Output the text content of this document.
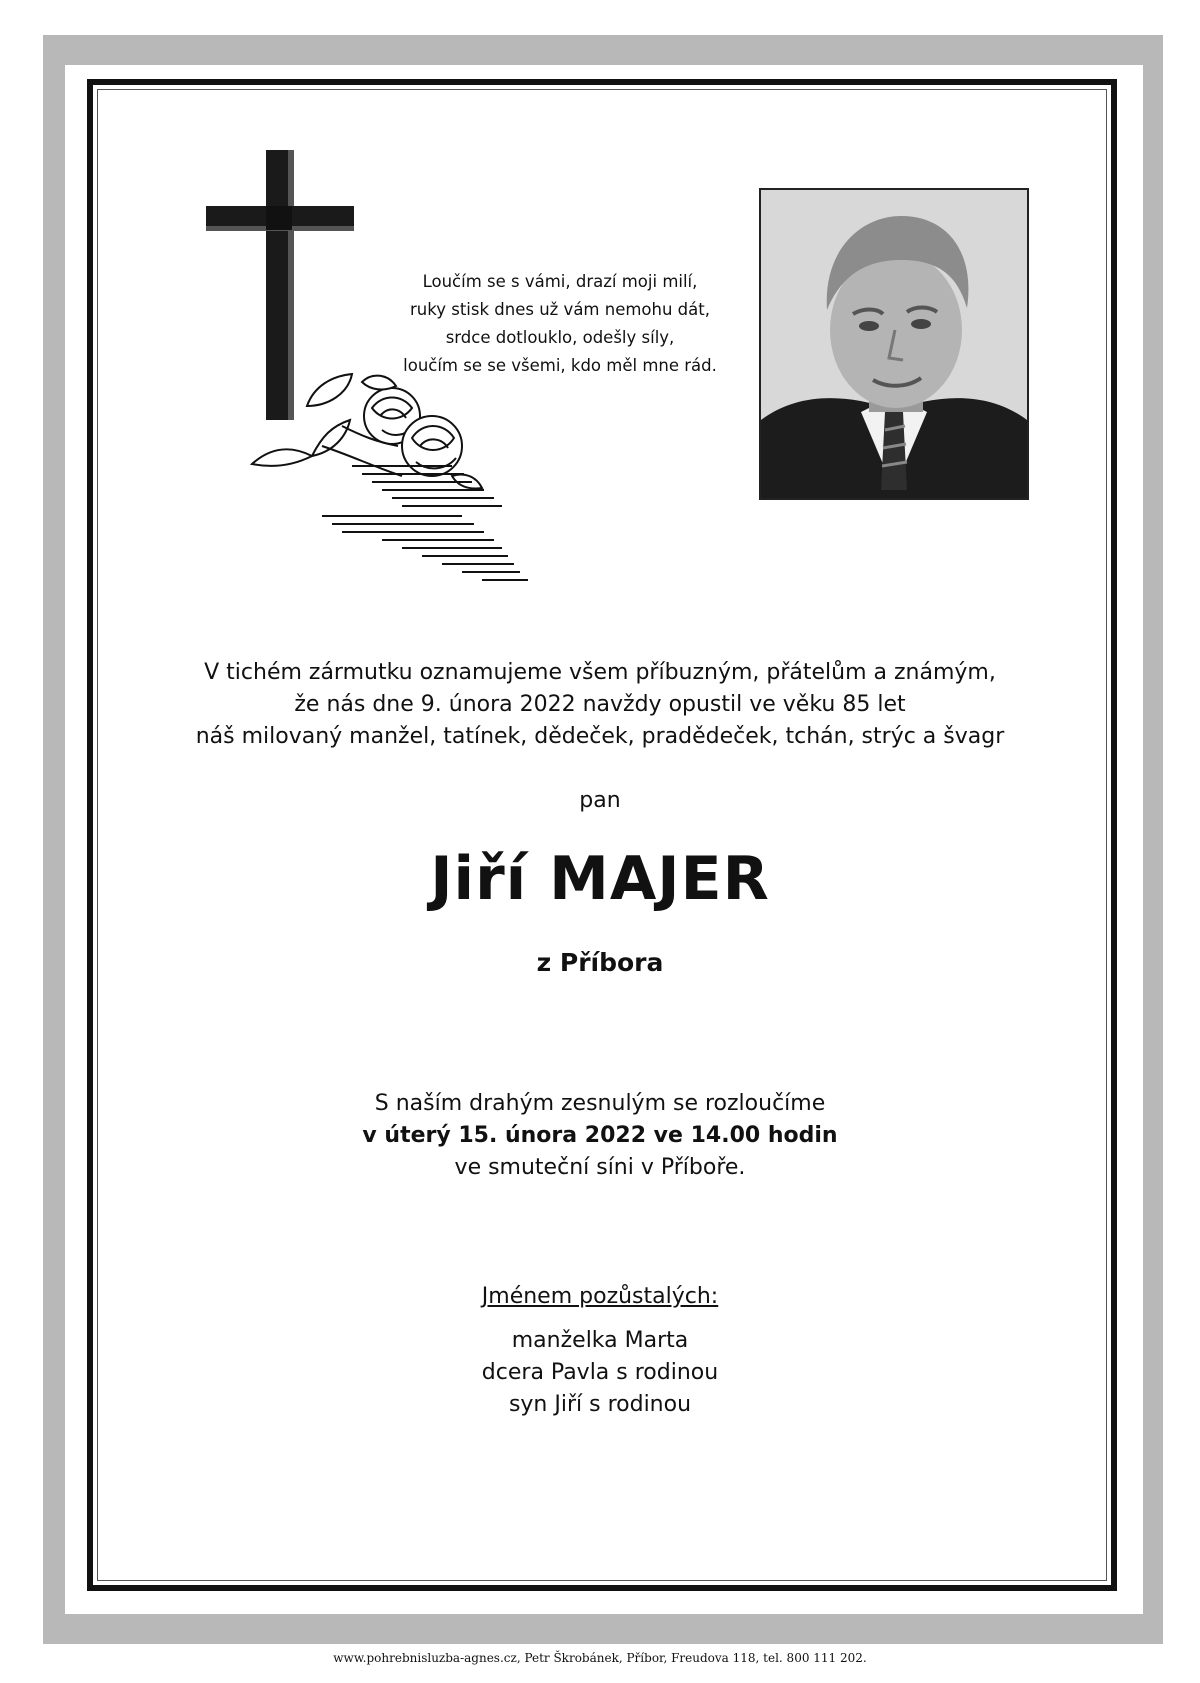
Loučím se s vámi, drazí moji milí,
ruky stisk dnes už vám nemohu dát,
srdce dotlouklo, odešly síly,
loučím se se všemi, kdo měl mne rád.
V tichém zármutku oznamujeme všem příbuzným, přátelům a známým,
že nás dne 9. února 2022 navždy opustil ve věku 85 let
náš milovaný manžel, tatínek, dědeček, pradědeček, tchán, strýc a švagr
pan
Jiří MAJER
z Příbora
S naším drahým zesnulým se rozloučíme
v úterý 15. února 2022 ve 14.00 hodin
ve smuteční síni v Příboře.
Jménem pozůstalých:
manželka Marta
dcera Pavla s rodinou
syn Jiří s rodinou
www.pohrebnisluzba-agnes.cz, Petr Škrobánek, Příbor, Freudova 118, tel. 800 111 202.
